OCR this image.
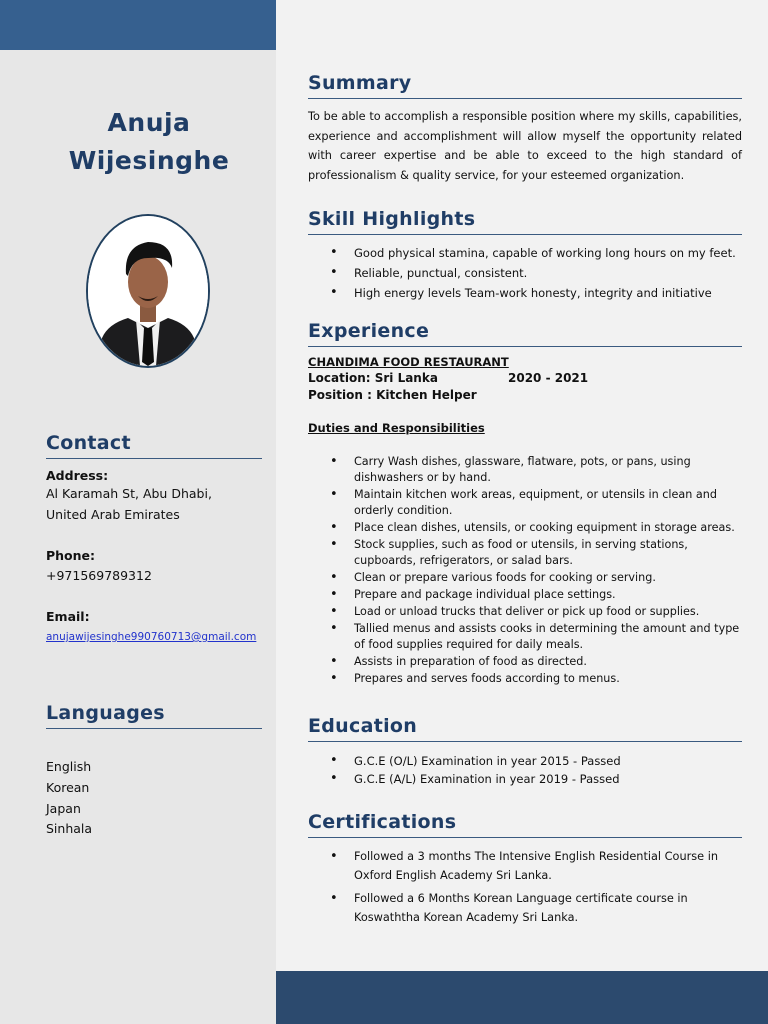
Anuja
Wijesinghe
Contact
Address:
Al Karamah St, Abu Dhabi,
United Arab Emirates
Phone:
+971569789312
Email:
anujawijesinghe990760713@gmail.com
Languages
English
Korean
Japan
Sinhala
Summary
To be able to accomplish a responsible position where my skills, capabilities, experience and accomplishment will allow myself the opportunity related with career expertise and be able to exceed to the high standard of professionalism & quality service, for your esteemed organization.
Skill Highlights
• Good physical stamina, capable of working long hours on my feet.
• Reliable, punctual, consistent.
• High energy levels Team-work honesty, integrity and initiative
Experience
CHANDIMA FOOD RESTAURANT
Location: Sri Lanka	2020 - 2021
Position : Kitchen Helper
Duties and Responsibilities
• Carry Wash dishes, glassware, flatware, pots, or pans, using dishwashers or by hand.
• Maintain kitchen work areas, equipment, or utensils in clean and orderly condition.
• Place clean dishes, utensils, or cooking equipment in storage areas.
• Stock supplies, such as food or utensils, in serving stations, cupboards, refrigerators, or salad bars.
• Clean or prepare various foods for cooking or serving.
• Prepare and package individual place settings.
• Load or unload trucks that deliver or pick up food or supplies.
• Tallied menus and assists cooks in determining the amount and type of food supplies required for daily meals.
• Assists in preparation of food as directed.
• Prepares and serves foods according to menus.
Education
• G.C.E (O/L) Examination in year 2015 - Passed
• G.C.E (A/L) Examination in year 2019 - Passed
Certifications
• Followed a 3 months The Intensive English Residential Course in Oxford English Academy Sri Lanka.
• Followed a 6 Months Korean Language certificate course in Koswaththa Korean Academy Sri Lanka.
